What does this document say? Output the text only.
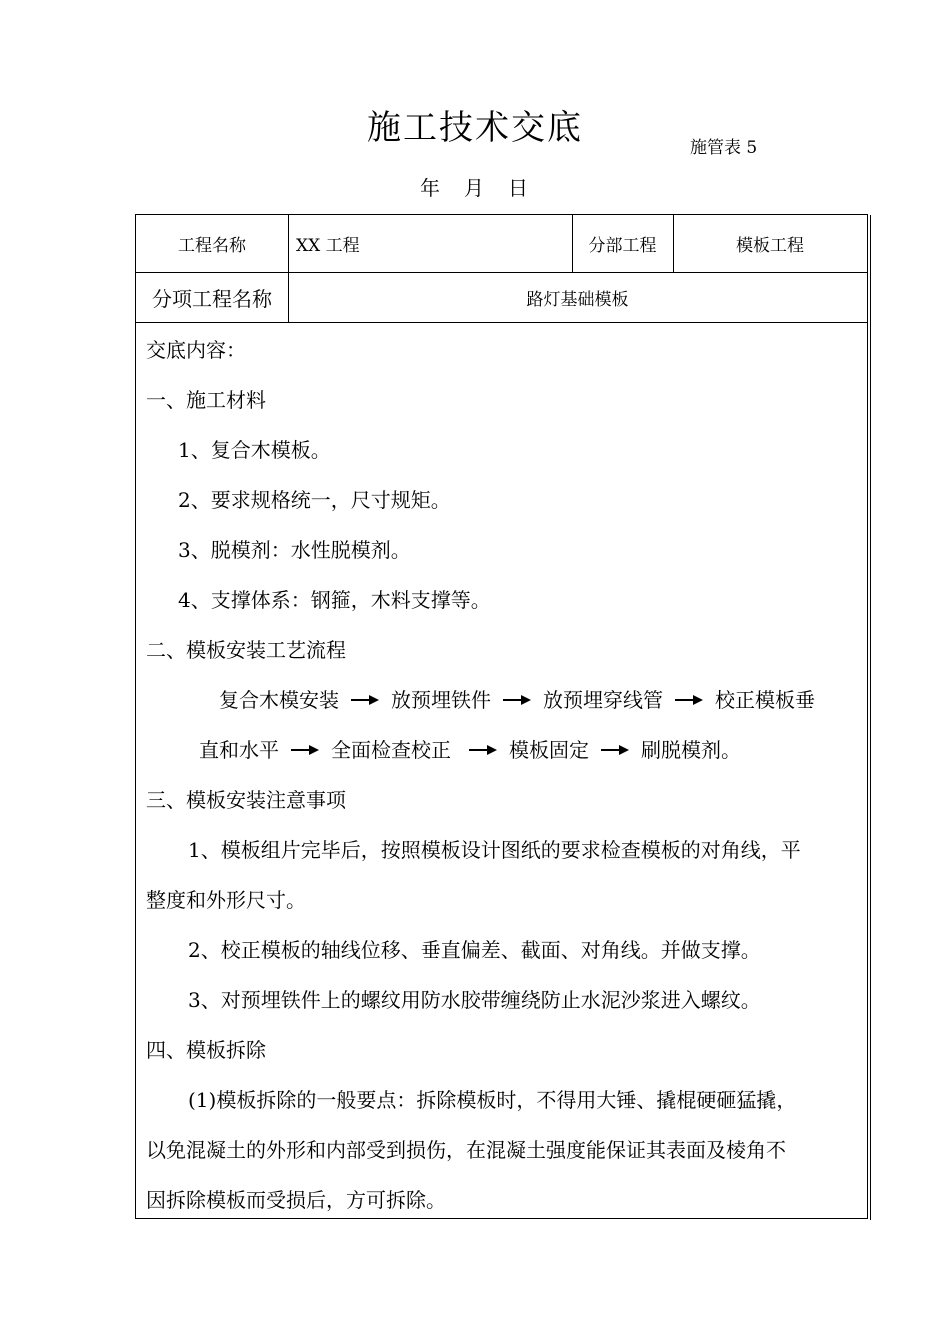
施工技术交底	施管表 5
年 月 日
工程名称	XX 工程	分部工程	模板工程
分项工程名称	路灯基础模板
交底内容：
一、施工材料
1、复合木模板。
2、要求规格统一，尺寸规矩。
3、脱模剂：水性脱模剂。
4、支撑体系：钢箍，木料支撑等。
二、模板安装工艺流程
复合木模安装	放预埋铁件	放预埋穿线管	校正模板垂
直和水平	全面检查校正	模板固定	刷脱模剂。
三、模板安装注意事项
1、模板组片完毕后，按照模板设计图纸的要求检查模板的对角线，平
整度和外形尺寸。
2、校正模板的轴线位移、垂直偏差、截面、对角线。并做支撑。
3、对预埋铁件上的螺纹用防水胶带缠绕防止水泥沙浆进入螺纹。
四、模板拆除
(1)模板拆除的一般要点：拆除模板时，不得用大锤、撬棍硬砸猛撬，
以免混凝土的外形和内部受到损伤，在混凝土强度能保证其表面及棱角不
因拆除模板而受损后，方可拆除。
